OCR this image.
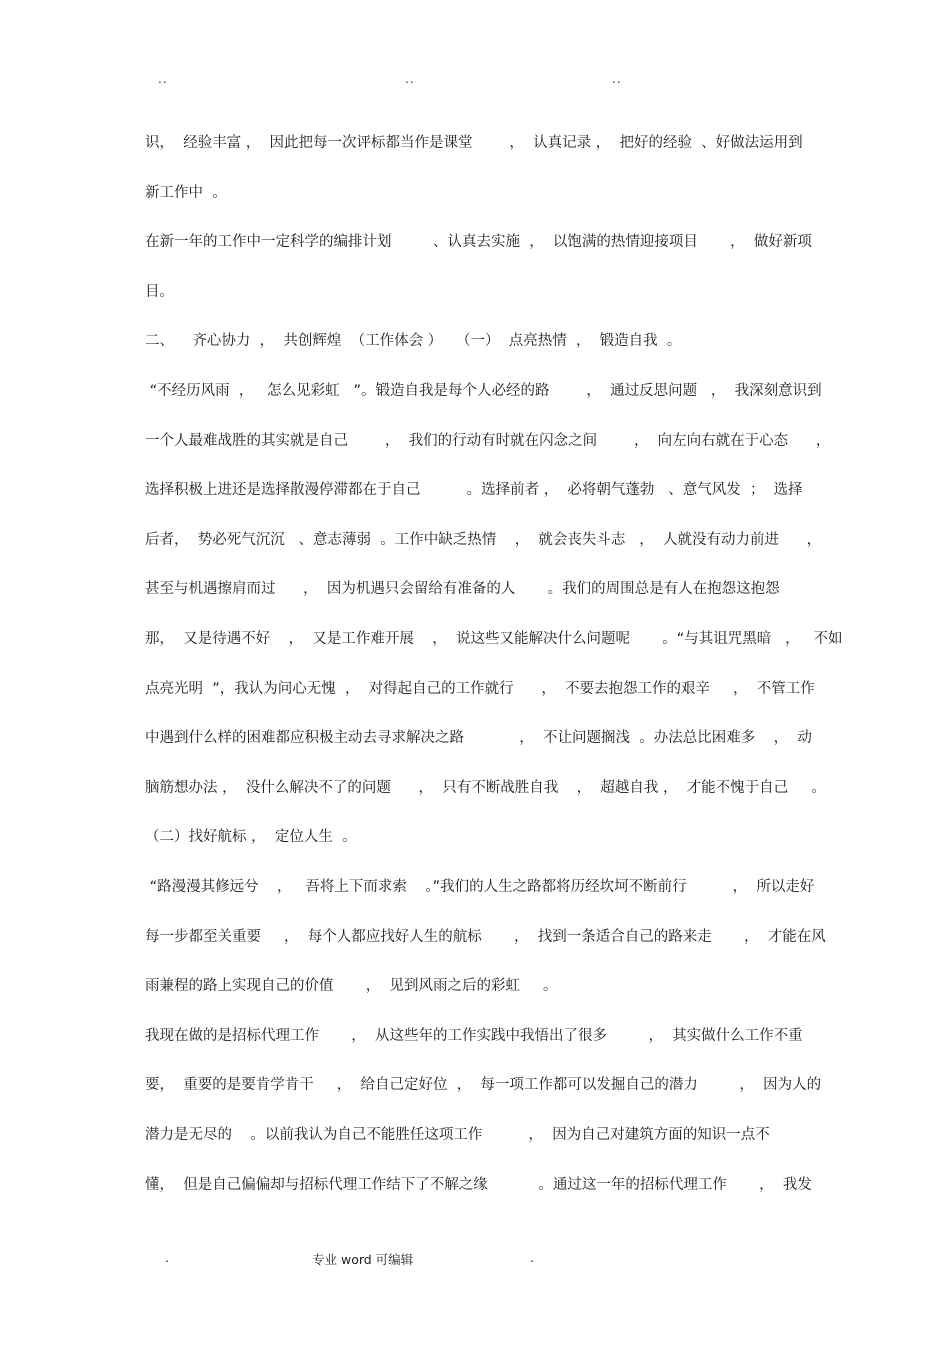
..	..	..
识，  经验丰富 ，  因此把每一次评标都当作是课堂        ，  认真记录 ，  把好的经验  、好做法运用到
新工作中  。
在新一年的工作中一定科学的编排计划         、认真去实施  ，  以饱满的热情迎接项目       ，  做好新项
目。
二、    齐心协力  ，  共创辉煌  （工作体会 ）   （一）  点亮热情  ，  锻造自我  。
“不经历风雨  ，   怎么见彩虹   ”。锻造自我是每个人必经的路        ，  通过反思问题   ，  我深刻意识到
一个人最难战胜的其实就是自己        ，  我们的行动有时就在闪念之间        ，  向左向右就在于心态      ，
选择积极上进还是选择散漫停滞都在于自己          。选择前者 ，  必将朝气蓬勃   、意气风发  ；  选择
后者，  势必死气沉沉   、意志薄弱  。工作中缺乏热情    ，  就会丧失斗志   ，  人就没有动力前进      ，
甚至与机遇擦肩而过      ，  因为机遇只会留给有准备的人       。我们的周围总是有人在抱怨这抱怨
那，  又是待遇不好    ，  又是工作难开展    ，  说这些又能解决什么问题呢       。“与其诅咒黑暗   ，   不如
点亮光明  ”，我认为问心无愧  ，  对得起自己的工作就行      ，  不要去抱怨工作的艰辛     ，  不管工作
中遇到什么样的困难都应积极主动去寻求解决之路            ，  不让问题搁浅  。办法总比困难多    ，  动
脑筋想办法 ，  没什么解决不了的问题      ，  只有不断战胜自我    ，  超越自我 ，  才能不愧于自己     。
（二）找好航标 ，  定位人生  。
“路漫漫其修远兮    ，   吾将上下而求索    。”我们的人生之路都将历经坎坷不断前行          ，  所以走好
每一步都至关重要     ，  每个人都应找好人生的航标       ，  找到一条适合自己的路来走       ，  才能在风
雨兼程的路上实现自己的价值       ，  见到风雨之后的彩虹     。
我现在做的是招标代理工作       ，  从这些年的工作实践中我悟出了很多         ，  其实做什么工作不重
要，  重要的是要肯学肯干     ，  给自己定好位  ，  每一项工作都可以发掘自己的潜力         ，  因为人的
潜力是无尽的    。以前我认为自己不能胜任这项工作          ，  因为自己对建筑方面的知识一点不
懂，  但是自己偏偏却与招标代理工作结下了不解之缘           。通过这一年的招标代理工作       ，  我发
.	专业 word 可编辑	.
